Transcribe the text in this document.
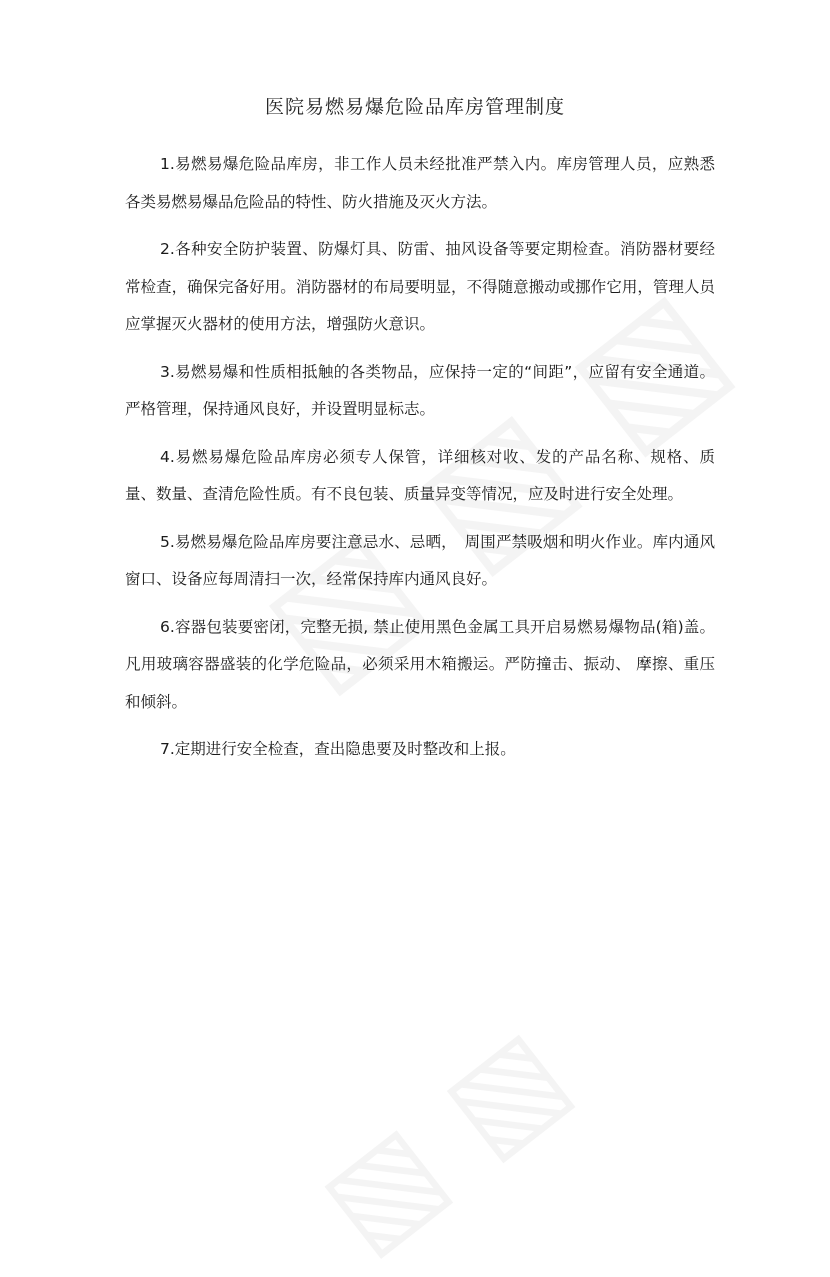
医院易燃易爆危险品库房管理制度

1.易燃易爆危险品库房，非工作人员未经批准严禁入内。库房管理人员，应熟悉各类易燃易爆品危险品的特性、防火措施及灭火方法。

2.各种安全防护装置、防爆灯具、防雷、抽风设备等要定期检查。消防器材要经常检查，确保完备好用。消防器材的布局要明显，不得随意搬动或挪作它用，管理人员应掌握灭火器材的使用方法，增强防火意识。

3.易燃易爆和性质相抵触的各类物品，应保持一定的“间距”，应留有安全通道。严格管理，保持通风良好，并设置明显标志。

4.易燃易爆危险品库房必须专人保管，详细核对收、发的产品名称、规格、质量、数量、查清危险性质。有不良包装、质量异变等情况，应及时进行安全处理。

5.易燃易爆危险品库房要注意忌水、忌晒，　周围严禁吸烟和明火作业。库内通风窗口、设备应每周清扫一次，经常保持库内通风良好。

6.容器包装要密闭，完整无损, 禁止使用黑色金属工具开启易燃易爆物品(箱)盖。凡用玻璃容器盛装的化学危险品，必须采用木箱搬运。严防撞击、振动、 摩擦、重压和倾斜。

7.定期进行安全检查，查出隐患要及时整改和上报。
